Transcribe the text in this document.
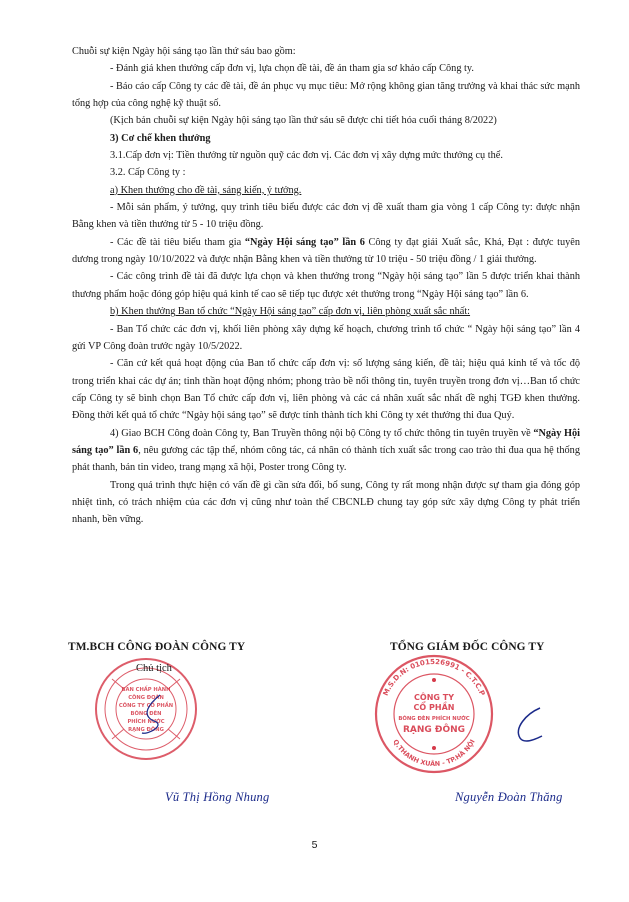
Chuỗi sự kiện Ngày hội sáng tạo lần thứ sáu bao gồm:

- Đánh giá khen thưởng cấp đơn vị, lựa chọn đề tài, đề án tham gia sơ khảo cấp Công ty.

- Báo cáo cấp Công ty các đề tài, đề án phục vụ mục tiêu: Mở rộng không gian tăng trưởng và khai thác sức mạnh tổng hợp của công nghệ kỹ thuật số.

(Kịch bản chuỗi sự kiện Ngày hội sáng tạo lần thứ sáu sẽ được chi tiết hóa cuối tháng 8/2022)

3) Cơ chế khen thưởng

3.1.Cấp đơn vị: Tiền thưởng từ nguồn quỹ các đơn vị. Các đơn vị xây dựng mức thưởng cụ thể.

3.2. Cấp Công ty :

a) Khen thưởng cho đề tài, sáng kiến, ý tưởng.

- Mỗi sản phẩm, ý tưởng, quy trình tiêu biểu được các đơn vị đề xuất tham gia vòng 1 cấp Công ty: được nhận Bằng khen và tiền thưởng từ 5 - 10 triệu đồng.

- Các đề tài tiêu biểu tham gia “Ngày Hội sáng tạo” lần 6 Công ty đạt giải Xuất sắc, Khá, Đạt : được tuyên dương trong ngày 10/10/2022 và được nhận Bằng khen và tiền thưởng từ 10 triệu - 50 triệu đồng / 1 giải thưởng.

- Các công trình đề tài đã được lựa chọn và khen thưởng trong “Ngày hội sáng tạo” lần 5 được triển khai thành thương phẩm hoặc đóng góp hiệu quả kinh tế cao sẽ tiếp tục được xét thưởng trong “Ngày Hội sáng tạo” lần 6.

b) Khen thưởng Ban tổ chức “Ngày Hội sáng tạo” cấp đơn vị, liên phòng xuất sắc nhất:

- Ban Tổ chức các đơn vị, khối liên phòng xây dựng kế hoạch, chương trình tổ chức “ Ngày hội sáng tạo” lần 4 gửi VP Công đoàn trước ngày 10/5/2022.

- Căn cứ kết quả hoạt động của Ban tổ chức cấp đơn vị: số lượng sáng kiến, đề tài; hiệu quả kinh tế và tốc độ trong triển khai các dự án; tinh thần hoạt động nhóm; phong trào bề nổi thông tin, tuyên truyền trong đơn vị…Ban tổ chức cấp Công ty sẽ bình chọn Ban Tổ chức cấp đơn vị, liên phòng và các cá nhân xuất sắc nhất đề nghị TGĐ khen thưởng. Đồng thời kết quả tổ chức “Ngày hội sáng tạo” sẽ được tính thành tích khi Công ty xét thưởng thi đua Quý.

4) Giao BCH Công đoàn Công ty, Ban Truyền thông nội bộ Công ty tổ chức thông tin tuyên truyền về “Ngày Hội sáng tạo” lần 6, nêu gương các tập thể, nhóm công tác, cá nhân có thành tích xuất sắc trong cao trào thi đua qua hệ thống phát thanh, bản tin video, trang mạng xã hội, Poster trong Công ty.

Trong quá trình thực hiện có vấn đề gì cần sửa đổi, bổ sung, Công ty rất mong nhận được sự tham gia đóng góp nhiệt tình, có trách nhiệm của các đơn vị cũng như toàn thể CBCNLĐ chung tay góp sức xây dựng Công ty phát triển nhanh, bền vững.

TM.BCH CÔNG ĐOÀN CÔNG TY
BAN CHẤP HÀNH
CÔNG ĐOÀN
CÔNG TY CỔ PHẦN
BÓNG ĐÈN
PHÍCH NƯỚC
RẠNG ĐÔNG
Chủ tịch
Vũ Thị Hồng Nhung
TỔNG GIÁM ĐỐC CÔNG TY
M.S.D.N: 0101526991 - C.T.C.P
Q.THANH XUÂN - TP.HÀ NỘI
CÔNG TY
CỔ PHẦN
BÓNG ĐÈN PHÍCH NƯỚC
RẠNG ĐÔNG
Nguyễn Đoàn Thăng
5
